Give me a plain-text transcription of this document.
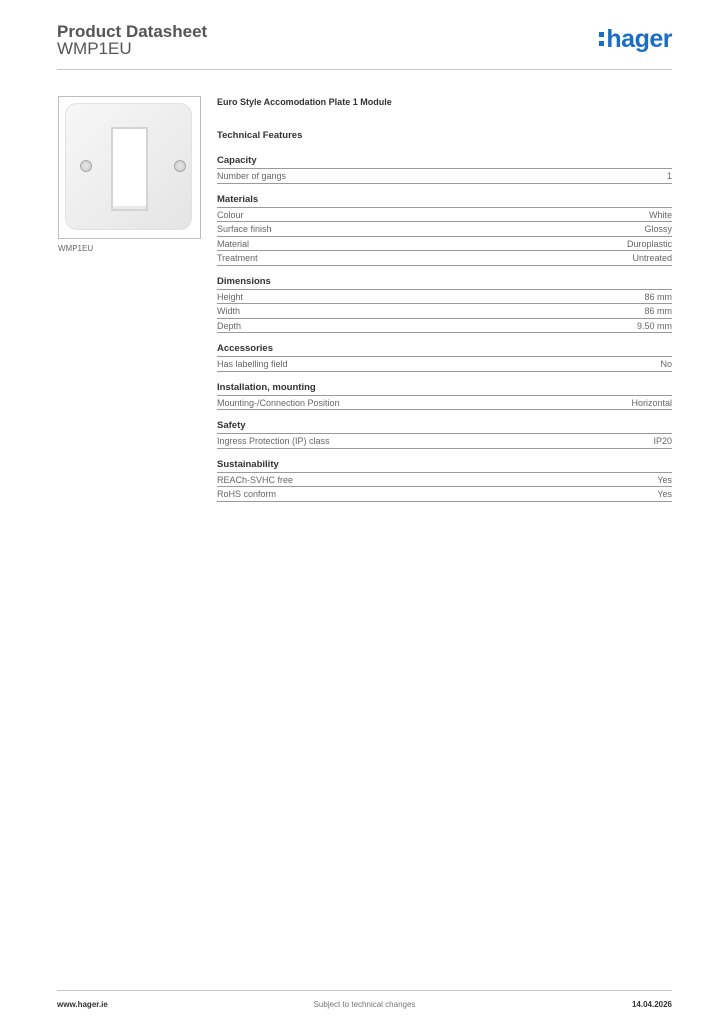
Product Datasheet
WMP1EU	hager
WMP1EU
Euro Style Accomodation Plate 1 Module
Technical Features
Capacity
Number of gangs	1
Materials
Colour	White
Surface finish	Glossy
Material	Duroplastic
Treatment	Untreated
Dimensions
Height	86 mm
Width	86 mm
Depth	9.50 mm
Accessories
Has labelling field	No
Installation, mounting
Mounting-/Connection Position	Horizontal
Safety
Ingress Protection (IP) class	IP20
Sustainability
REACh-SVHC free	Yes
RoHS conform	Yes
www.hager.ie	Subject to technical changes	14.04.2026
